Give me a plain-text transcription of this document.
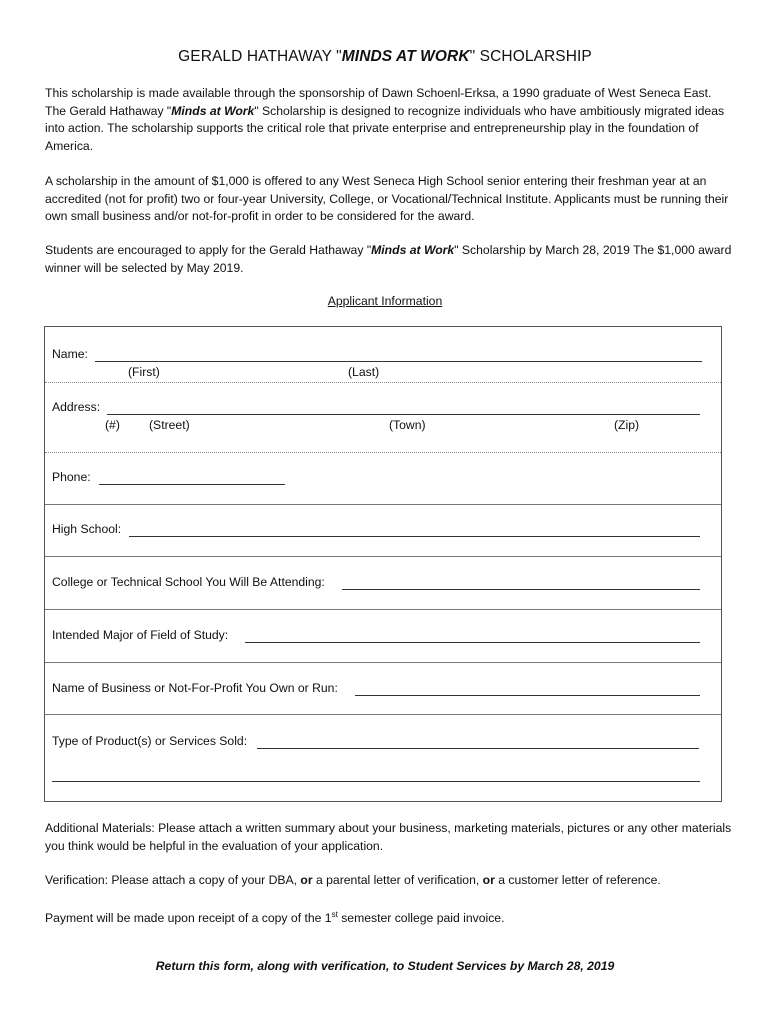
GERALD HATHAWAY "MINDS AT WORK" SCHOLARSHIP
This scholarship is made available through the sponsorship of Dawn Schoenl-Erksa, a 1990 graduate of West Seneca East. The Gerald Hathaway "Minds at Work" Scholarship is designed to recognize individuals who have ambitiously migrated ideas into action. The scholarship supports the critical role that private enterprise and entrepreneurship play in the foundation of America.
A scholarship in the amount of $1,000 is offered to any West Seneca High School senior entering their freshman year at an accredited (not for profit) two or four-year University, College, or Vocational/Technical Institute. Applicants must be running their own small business and/or not-for-profit in order to be considered for the award.
Students are encouraged to apply for the Gerald Hathaway "Minds at Work" Scholarship by March 28, 2019 The $1,000 award winner will be selected by May 2019.
Applicant Information
Name:
(First)	(Last)
Address:
(#) (Street)	(Town)	(Zip)
Phone:
High School:
College or Technical School You Will Be Attending:
Intended Major of Field of Study:
Name of Business or Not-For-Profit You Own or Run:
Type of Product(s) or Services Sold:
Additional Materials: Please attach a written summary about your business, marketing materials, pictures or any other materials you think would be helpful in the evaluation of your application.
Verification: Please attach a copy of your DBA, or a parental letter of verification, or a customer letter of reference.
Payment will be made upon receipt of a copy of the 1st semester college paid invoice.
Return this form, along with verification, to Student Services by March 28, 2019
